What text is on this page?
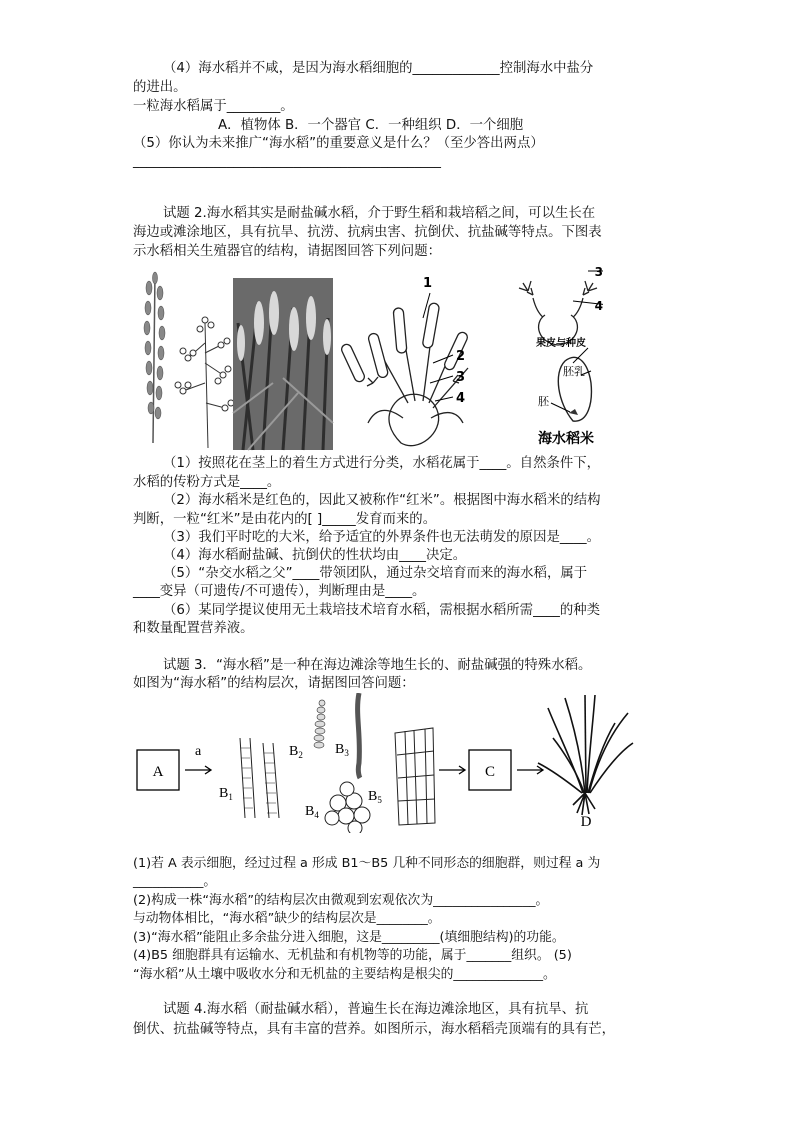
（4）海水稻并不咸，是因为海水稻细胞的_____________控制海水中盐分
的进出。
一粒海水稻属于________。
A．植物体 B．一个器官 C．一种组织 D．一个细胞
（5）你认为未来推广“海水稻”的重要意义是什么？（至少答出两点）
______________________________________________
试题 2.海水稻其实是耐盐碱水稻，介于野生稻和栽培稻之间，可以生长在
海边或滩涂地区，具有抗旱、抗涝、抗病虫害、抗倒伏、抗盐碱等特点。下图表
示水稻相关生殖器官的结构，请据图回答下列问题：
1
2
3
4
3
4
果皮与种皮
胚乳
胚
海水稻米
（1）按照花在茎上的着生方式进行分类，水稻花属于____。自然条件下，
水稻的传粉方式是____。
（2）海水稻米是红色的，因此又被称作“红米”。根据图中海水稻米的结构
判断，一粒“红米”是由花内的[ ]_____发育而来的。
（3）我们平时吃的大米，给予适宜的外界条件也无法萌发的原因是____。
（4）海水稻耐盐碱、抗倒伏的性状均由____决定。
（5）“杂交水稻之父”____带领团队，通过杂交培育而来的海水稻，属于
____变异（可遗传/不可遗传），判断理由是____。
（6）某同学提议使用无土栽培技术培育水稻，需根据水稻所需____的种类
和数量配置营养液。
试题 3．“海水稻”是一种在海边滩涂等地生长的、耐盐碱强的特殊水稻。
如图为“海水稻”的结构层次，请据图回答问题：
A
a
$B_1$
$B_2$ $B_3$
$B_4$
$B_5$
C
D
(1)若 A 表示细胞，经过过程 a 形成 B1～B5 几种不同形态的细胞群，则过程 a 为
___________。
(2)构成一株“海水稻”的结构层次由微观到宏观依次为________________。
与动物体相比，“海水稻”缺少的结构层次是________。
(3)“海水稻”能阻止多余盐分进入细胞，这是_________(填细胞结构)的功能。
(4)B5 细胞群具有运输水、无机盐和有机物等的功能，属于_______组织。 (5)
“海水稻”从土壤中吸收水分和无机盐的主要结构是根尖的______________。
试题 4.海水稻（耐盐碱水稻），普遍生长在海边滩涂地区，具有抗旱、抗
倒伏、抗盐碱等特点，具有丰富的营养。如图所示，海水稻稻壳顶端有的具有芒，
